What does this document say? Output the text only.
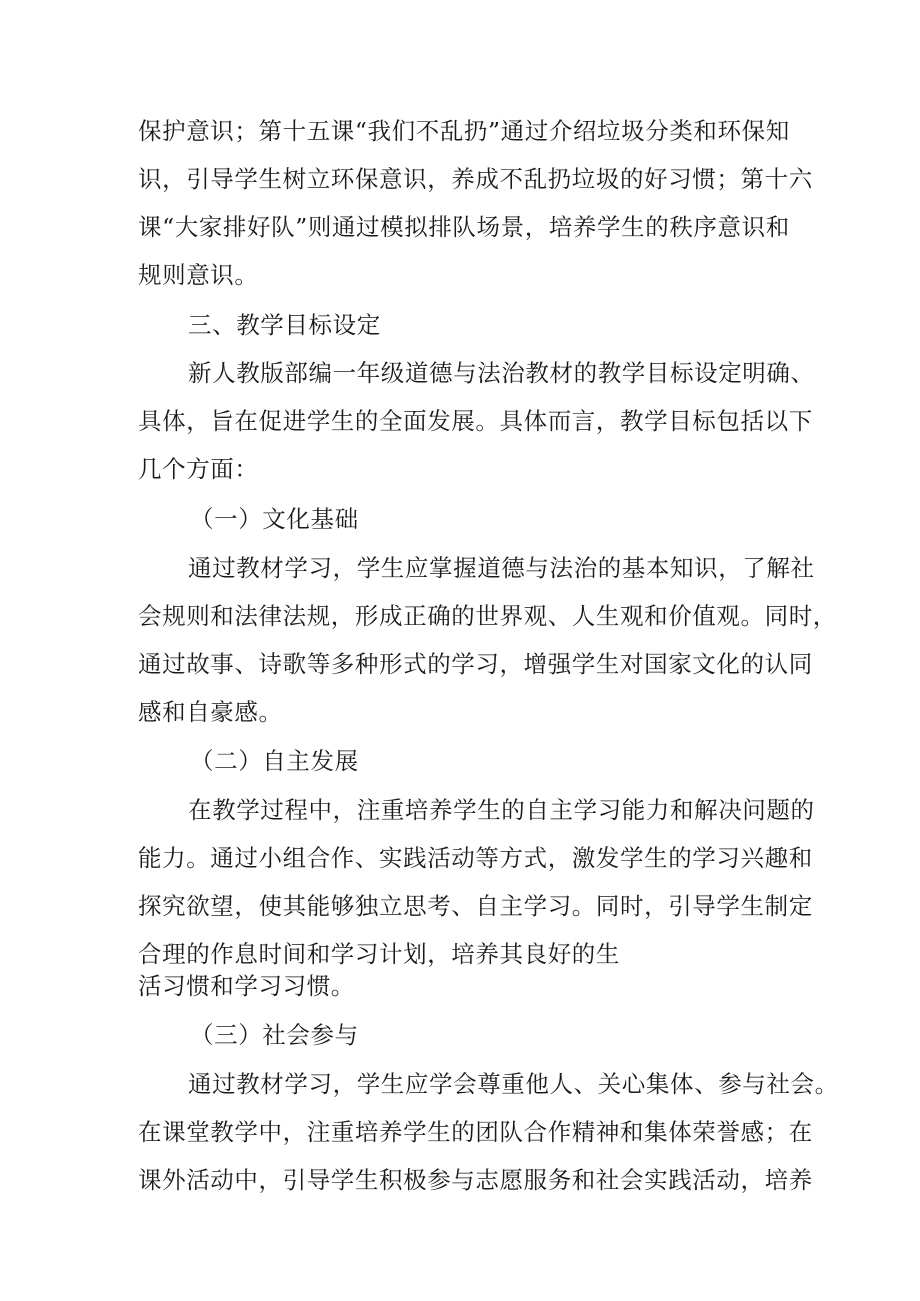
保护意识；第十五课“我们不乱扔”通过介绍垃圾分类和环保知
识，引导学生树立环保意识，养成不乱扔垃圾的好习惯；第十六
课“大家排好队”则通过模拟排队场景，培养学生的秩序意识和
规则意识。
三、教学目标设定
新人教版部编一年级道德与法治教材的教学目标设定明确、
具体，旨在促进学生的全面发展。具体而言，教学目标包括以下
几个方面：
（一）文化基础
通过教材学习，学生应掌握道德与法治的基本知识，了解社
会规则和法律法规，形成正确的世界观、人生观和价值观。同时，
通过故事、诗歌等多种形式的学习，增强学生对国家文化的认同
感和自豪感。
（二）自主发展
在教学过程中，注重培养学生的自主学习能力和解决问题的
能力。通过小组合作、实践活动等方式，激发学生的学习兴趣和
探究欲望，使其能够独立思考、自主学习。同时，引导学生制定
合理的作息时间和学习计划，培养其良好的生
活习惯和学习习惯。
（三）社会参与
通过教材学习，学生应学会尊重他人、关心集体、参与社会。
在课堂教学中，注重培养学生的团队合作精神和集体荣誉感；在
课外活动中，引导学生积极参与志愿服务和社会实践活动，培养
